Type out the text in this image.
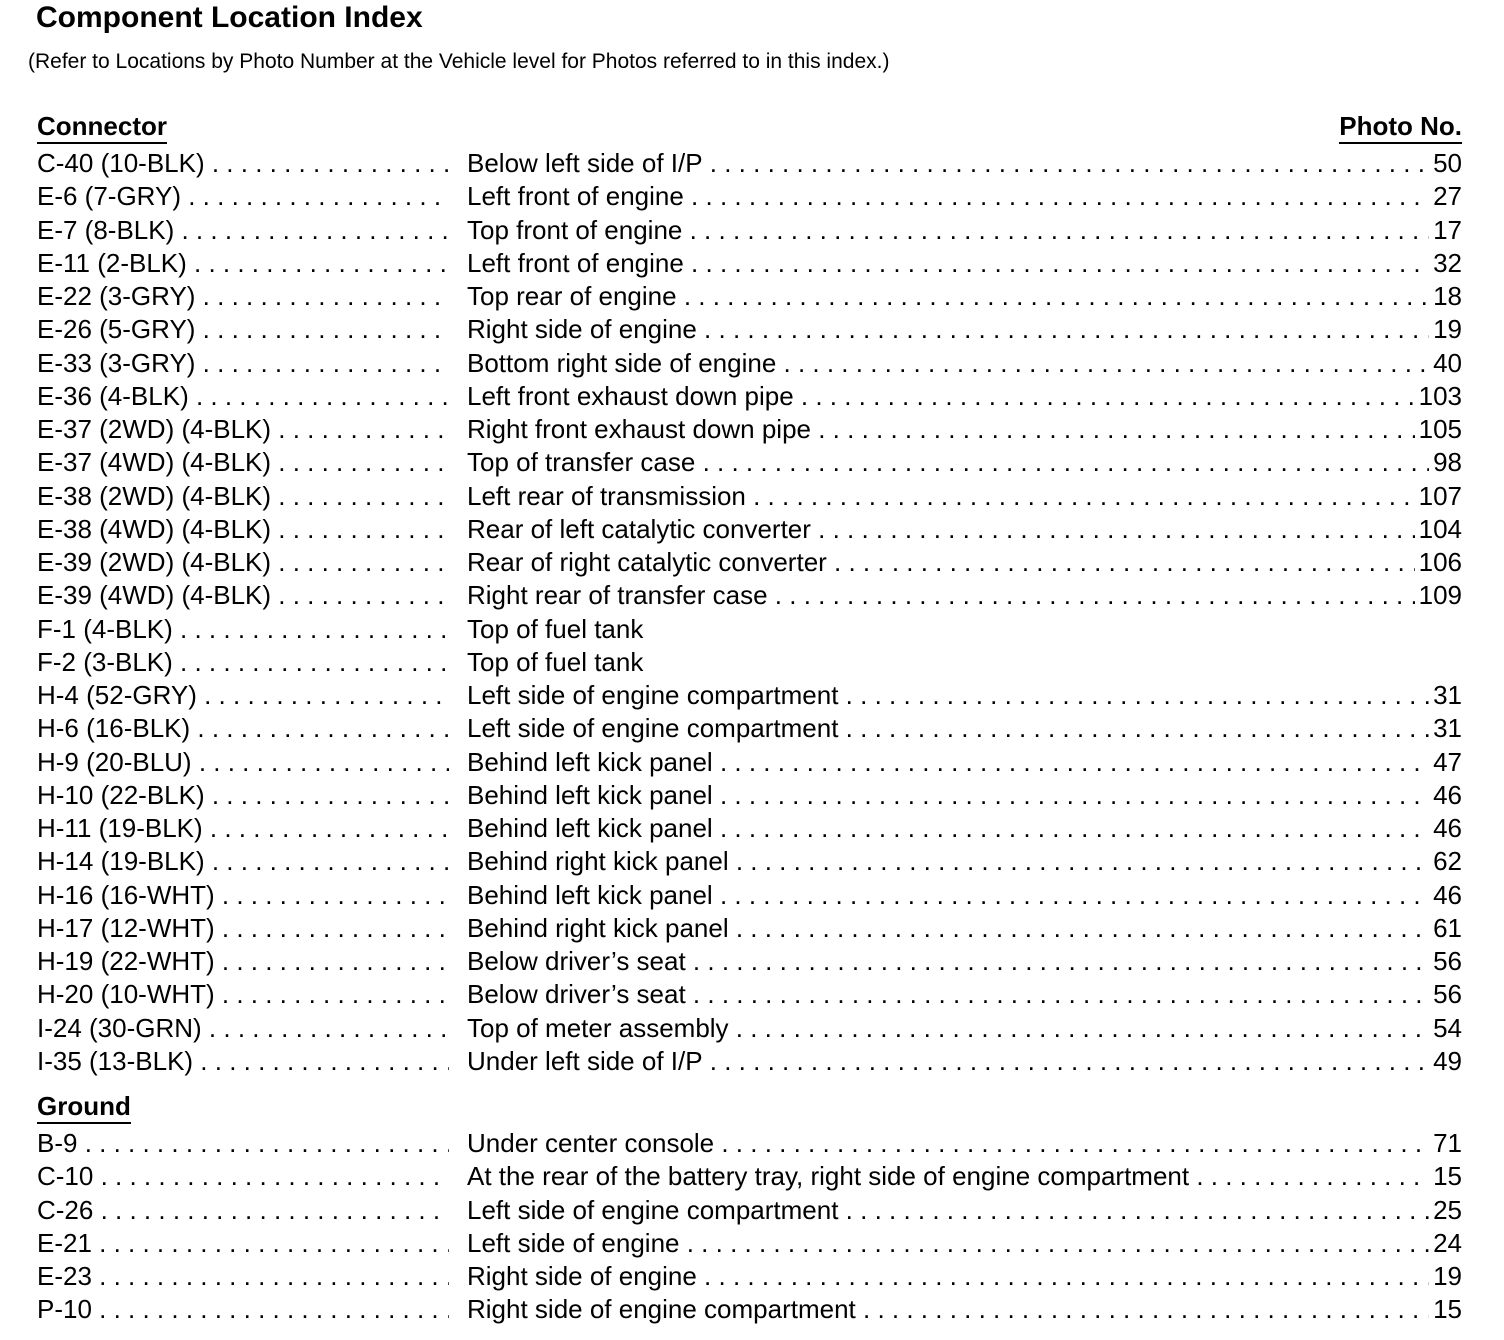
Component Location Index
(Refer to Locations by Photo Number at the Vehicle level for Photos referred to in this index.)
Connector	Photo No.
C-40 (10-BLK) . . .	Below left side of I/P	50
. . .
E-6 (7-GRY) . . .	Left front of engine	27
. . .
E-7 (8-BLK) . . .	Top front of engine	17
. . .
E-11 (2-BLK) . . .	Left front of engine	32
. . .
E-22 (3-GRY) . . .	Top rear of engine	18
. . .
E-26 (5-GRY) . . .	Right side of engine	19
. . .
E-33 (3-GRY) . . .	Bottom right side of engine	40
. . .
E-36 (4-BLK) . . .	Left front exhaust down pipe	103
. . .
E-37 (2WD) (4-BLK) . . .	Right front exhaust down pipe	105
. . .
E-37 (4WD) (4-BLK) . . .	Top of transfer case	98
. . .
E-38 (2WD) (4-BLK) . . .	Left rear of transmission	107
. . .
E-38 (4WD) (4-BLK) . . .	Rear of left catalytic converter	104
. . .
E-39 (2WD) (4-BLK) . . .	Rear of right catalytic converter	106
. . .
E-39 (4WD) (4-BLK) . . .	Right rear of transfer case	109
. . .
F-1 (4-BLK) . . .	Top of fuel tank
F-2 (3-BLK) . . .	Top of fuel tank
H-4 (52-GRY) . . .	Left side of engine compartment	31
. . .
H-6 (16-BLK) . . .	Left side of engine compartment	31
. . .
H-9 (20-BLU) . . .	Behind left kick panel	47
. . .
H-10 (22-BLK) . . .	Behind left kick panel	46
. . .
H-11 (19-BLK) . . .	Behind left kick panel	46
. . .
H-14 (19-BLK) . . .	Behind right kick panel	62
. . .
H-16 (16-WHT) . . .	Behind left kick panel	46
. . .
H-17 (12-WHT) . . .	Behind right kick panel	61
. . .
H-19 (22-WHT) . . .	Below driver’s seat	56
. . .
H-20 (10-WHT) . . .	Below driver’s seat	56
. . .
I-24 (30-GRN) . . .	Top of meter assembly	54
. . .
I-35 (13-BLK) . . .	Under left side of I/P	49
. . .
Ground
B-9 . . .	Under center console	71
. . .
C-10 . . .	At the rear of the battery tray, right side of engine compartment	15
. . .
C-26 . . .	Left side of engine compartment	25
. . .
E-21 . . .	Left side of engine	24
. . .
E-23 . . .	Right side of engine	19
. . .
P-10 . . .	Right side of engine compartment	15
. . .
